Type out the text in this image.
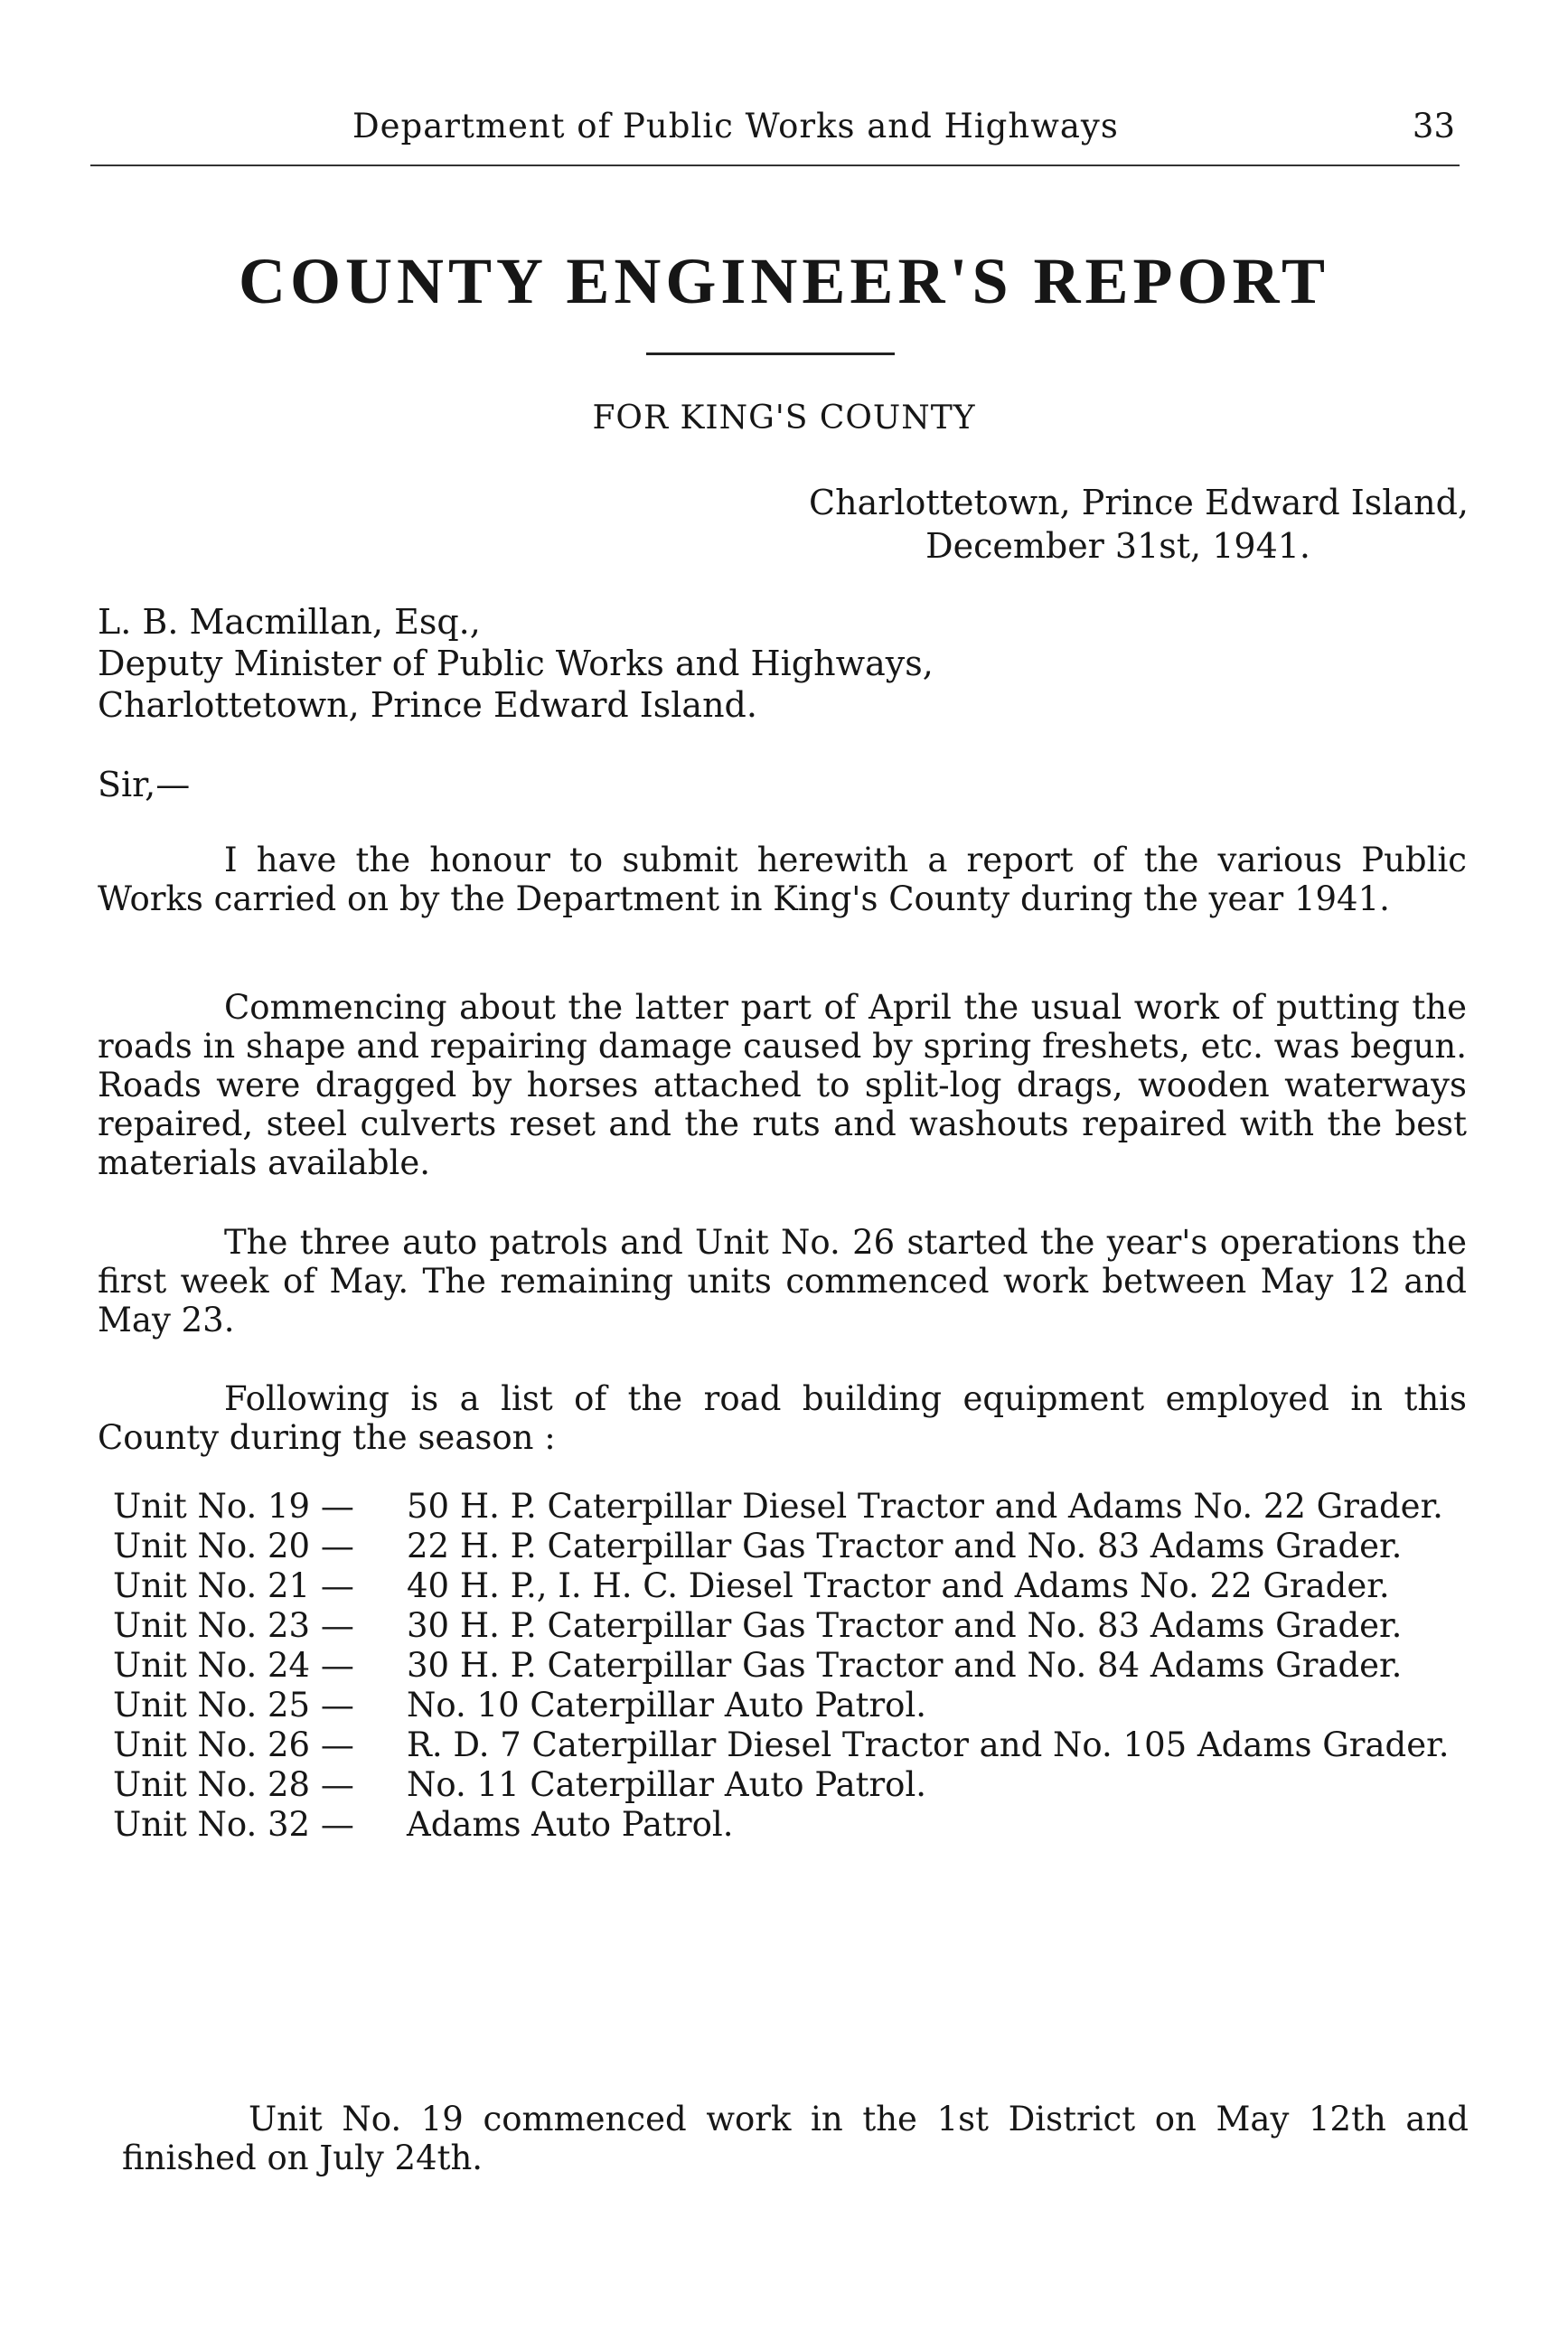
Department of Public Works and Highways	33
COUNTY ENGINEER'S REPORT
FOR KING'S COUNTY
Charlottetown, Prince Edward Island,
December 31st, 1941.
L. B. Macmillan, Esq.,
Deputy Minister of Public Works and Highways,
Charlottetown, Prince Edward Island.
Sir,—

I have the honour to submit herewith a report of the various Public Works carried on by the Department in King's County during the year 1941.

Commencing about the latter part of April the usual work of putting the roads in shape and repairing damage caused by spring freshets, etc. was begun. Roads were dragged by horses attached to split-log drags, wooden waterways repaired, steel culverts reset and the ruts and washouts repaired with the best materials available.

The three auto patrols and Unit No. 26 started the year's operations the first week of May. The remaining units commenced work between May 12 and May 23.

Following is a list of the road building equipment employed in this County during the season :

Unit No. 19 —	50 H. P. Caterpillar Diesel Tractor and Adams No. 22 Grader.
Unit No. 20 —	22 H. P. Caterpillar Gas Tractor and No. 83 Adams Grader.
Unit No. 21 —	40 H. P., I. H. C. Diesel Tractor and Adams No. 22 Grader.
Unit No. 23 —	30 H. P. Caterpillar Gas Tractor and No. 83 Adams Grader.
Unit No. 24 —	30 H. P. Caterpillar Gas Tractor and No. 84 Adams Grader.
Unit No. 25 —	No. 10 Caterpillar Auto Patrol.
Unit No. 26 —	R. D. 7 Caterpillar Diesel Tractor and No. 105 Adams Grader.
Unit No. 28 —	No. 11 Caterpillar Auto Patrol.
Unit No. 32 —	Adams Auto Patrol.

Unit No. 19 commenced work in the 1st District on May 12th and finished on July 24th.
